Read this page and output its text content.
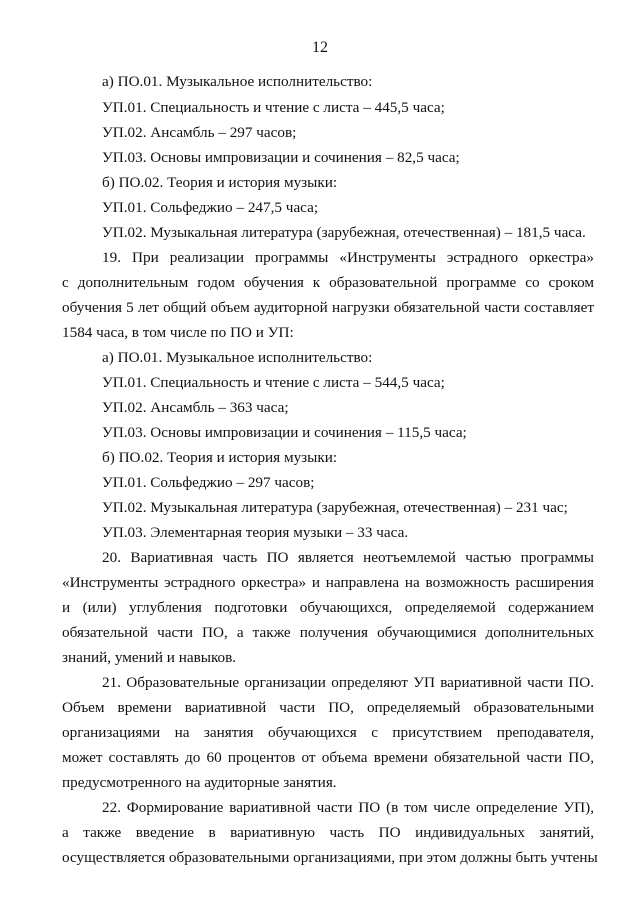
12
а) ПО.01. Музыкальное исполнительство:
УП.01. Специальность и чтение с листа – 445,5 часа;
УП.02. Ансамбль – 297 часов;
УП.03. Основы импровизации и сочинения – 82,5 часа;
б) ПО.02. Теория и история музыки:
УП.01. Сольфеджио – 247,5 часа;
УП.02. Музыкальная литература (зарубежная, отечественная) – 181,5 часа.
19. При реализации программы «Инструменты эстрадного оркестра»
с дополнительным годом обучения к образовательной программе со сроком
обучения 5 лет общий объем аудиторной нагрузки обязательной части составляет
1584 часа, в том числе по ПО и УП:
а) ПО.01. Музыкальное исполнительство:
УП.01. Специальность и чтение с листа – 544,5 часа;
УП.02. Ансамбль – 363 часа;
УП.03. Основы импровизации и сочинения – 115,5 часа;
б) ПО.02. Теория и история музыки:
УП.01. Сольфеджио – 297 часов;
УП.02. Музыкальная литература (зарубежная, отечественная) – 231 час;
УП.03. Элементарная теория музыки – 33 часа.
20. Вариативная часть ПО является неотъемлемой частью программы
«Инструменты эстрадного оркестра» и направлена на возможность расширения
и (или) углубления подготовки обучающихся, определяемой содержанием
обязательной части ПО, а также получения обучающимися дополнительных
знаний, умений и навыков.
21. Образовательные организации определяют УП вариативной части ПО.
Объем времени вариативной части ПО, определяемый образовательными
организациями на занятия обучающихся с присутствием преподавателя,
может составлять до 60 процентов от объема времени обязательной части ПО,
предусмотренного на аудиторные занятия.
22. Формирование вариативной части ПО (в том числе определение УП),
а также введение в вариативную часть ПО индивидуальных занятий,
осуществляется образовательными организациями, при этом должны быть учтены
